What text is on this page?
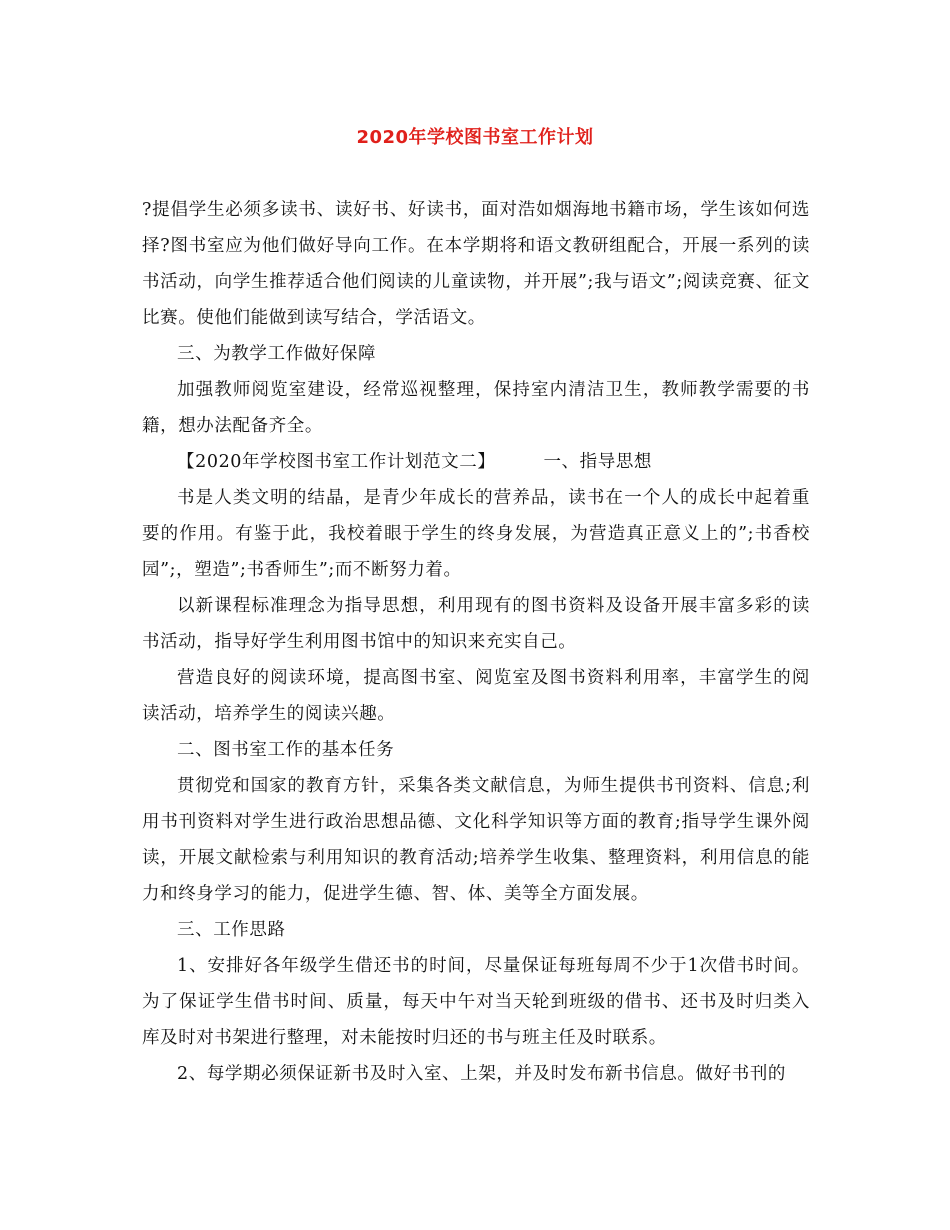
2020年学校图书室工作计划

?提倡学生必须多读书、读好书、好读书，面对浩如烟海地书籍市场，学生该如何选择?图书室应为他们做好导向工作。在本学期将和语文教研组配合，开展一系列的读书活动，向学生推荐适合他们阅读的儿童读物，并开展”;我与语文”;阅读竞赛、征文比赛。使他们能做到读写结合，学活语文。

三、为教学工作做好保障

加强教师阅览室建设，经常巡视整理，保持室内清洁卫生，教师教学需要的书籍，想办法配备齐全。

【2020年学校图书室工作计划范文二】	一、指导思想

书是人类文明的结晶，是青少年成长的营养品，读书在一个人的成长中起着重要的作用。有鉴于此，我校着眼于学生的终身发展，为营造真正意义上的”;书香校园”;，塑造”;书香师生”;而不断努力着。

以新课程标准理念为指导思想，利用现有的图书资料及设备开展丰富多彩的读书活动，指导好学生利用图书馆中的知识来充实自己。

营造良好的阅读环境，提高图书室、阅览室及图书资料利用率，丰富学生的阅读活动，培养学生的阅读兴趣。

二、图书室工作的基本任务

贯彻党和国家的教育方针，采集各类文献信息，为师生提供书刊资料、信息;利用书刊资料对学生进行政治思想品德、文化科学知识等方面的教育;指导学生课外阅读，开展文献检索与利用知识的教育活动;培养学生收集、整理资料，利用信息的能力和终身学习的能力，促进学生德、智、体、美等全方面发展。

三、工作思路

1、安排好各年级学生借还书的时间，尽量保证每班每周不少于1次借书时间。为了保证学生借书时间、质量，每天中午对当天轮到班级的借书、还书及时归类入库及时对书架进行整理，对未能按时归还的书与班主任及时联系。

2、每学期必须保证新书及时入室、上架，并及时发布新书信息。做好书刊的
